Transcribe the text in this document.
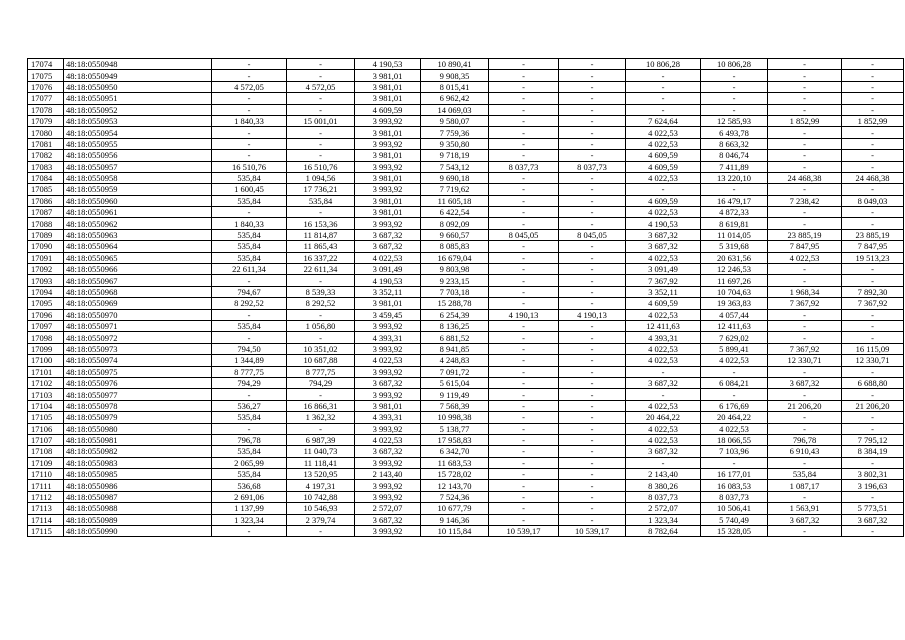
17074	48:18:0550948	-	-	4 190,53	10 890,41	-	-	10 806,28	10 806,28	-	-
17075	48:18:0550949	-	-	3 981,01	9 908,35	-	-	-	-	-	-
17076	48:18:0550950	4 572,05	4 572,05	3 981,01	8 015,41	-	-	-	-	-	-
17077	48:18:0550951	-	-	3 981,01	6 962,42	-	-	-	-	-	-
17078	48:18:0550952	-	-	4 609,59	14 069,03	-	-	-	-	-	-
17079	48:18:0550953	1 840,33	15 001,01	3 993,92	9 580,07	-	-	7 624,64	12 585,93	1 852,99	1 852,99
17080	48:18:0550954	-	-	3 981,01	7 759,36	-	-	4 022,53	6 493,78	-	-
17081	48:18:0550955	-	-	3 993,92	9 350,80	-	-	4 022,53	8 663,32	-	-
17082	48:18:0550956	-	-	3 981,01	9 718,19	-	-	4 609,59	8 046,74	-	-
17083	48:18:0550957	16 510,76	16 510,76	3 993,92	7 543,12	8 037,73	8 037,73	4 609,59	7 411,89	-	-
17084	48:18:0550958	535,84	1 094,56	3 981,01	9 690,18	-	-	4 022,53	13 220,10	24 468,38	24 468,38
17085	48:18:0550959	1 600,45	17 736,21	3 993,92	7 719,62	-	-	-	-	-	-
17086	48:18:0550960	535,84	535,84	3 981,01	11 605,18	-	-	4 609,59	16 479,17	7 238,42	8 049,03
17087	48:18:0550961	-	-	3 981,01	6 422,54	-	-	4 022,53	4 872,33	-	-
17088	48:18:0550962	1 840,33	16 153,36	3 993,92	8 092,09	-	-	4 190,53	8 619,81	-	-
17089	48:18:0550963	535,84	11 814,87	3 687,32	9 660,57	8 045,05	8 045,05	3 687,32	11 014,05	23 885,19	23 885,19
17090	48:18:0550964	535,84	11 865,43	3 687,32	8 085,83	-	-	3 687,32	5 319,68	7 847,95	7 847,95
17091	48:18:0550965	535,84	16 337,22	4 022,53	16 679,04	-	-	4 022,53	20 631,56	4 022,53	19 513,23
17092	48:18:0550966	22 611,34	22 611,34	3 091,49	9 803,98	-	-	3 091,49	12 246,53	-	-
17093	48:18:0550967	-	-	4 190,53	9 233,15	-	-	7 367,92	11 697,26	-	-
17094	48:18:0550968	794,67	8 539,33	3 352,11	7 703,18	-	-	3 352,11	10 704,63	1 968,34	7 892,30
17095	48:18:0550969	8 292,52	8 292,52	3 981,01	15 288,78	-	-	4 609,59	19 363,83	7 367,92	7 367,92
17096	48:18:0550970	-	-	3 459,45	6 254,39	4 190,13	4 190,13	4 022,53	4 057,44	-	-
17097	48:18:0550971	535,84	1 056,80	3 993,92	8 136,25	-	-	12 411,63	12 411,63	-	-
17098	48:18:0550972	-	-	4 393,31	6 881,52	-	-	4 393,31	7 629,02	-	-
17099	48:18:0550973	794,50	10 351,02	3 993,92	8 941,85	-	-	4 022,53	5 899,41	7 367,92	16 115,09
17100	48:18:0550974	1 344,89	10 687,88	4 022,53	4 248,83	-	-	4 022,53	4 022,53	12 330,71	12 330,71
17101	48:18:0550975	8 777,75	8 777,75	3 993,92	7 091,72	-	-	-	-	-	-
17102	48:18:0550976	794,29	794,29	3 687,32	5 615,04	-	-	3 687,32	6 084,21	3 687,32	6 688,80
17103	48:18:0550977	-	-	3 993,92	9 119,49	-	-	-	-	-	-
17104	48:18:0550978	536,27	16 866,31	3 981,01	7 568,39	-	-	4 022,53	6 176,69	21 206,20	21 206,20
17105	48:18:0550979	535,84	1 362,32	4 393,31	10 998,38	-	-	20 464,22	20 464,22	-	-
17106	48:18:0550980	-	-	3 993,92	5 138,77	-	-	4 022,53	4 022,53	-	-
17107	48:18:0550981	796,78	6 987,39	4 022,53	17 958,83	-	-	4 022,53	18 066,55	796,78	7 795,12
17108	48:18:0550982	535,84	11 040,73	3 687,32	6 342,70	-	-	3 687,32	7 103,96	6 910,43	8 384,19
17109	48:18:0550983	2 065,99	11 118,41	3 993,92	11 683,53	-	-	-	-	-	-
17110	48:18:0550985	535,84	13 520,95	2 143,40	15 728,02	-	-	2 143,40	16 177,01	535,84	3 802,31
17111	48:18:0550986	536,68	4 197,31	3 993,92	12 143,70	-	-	8 380,26	16 083,53	1 087,17	3 196,63
17112	48:18:0550987	2 691,06	10 742,88	3 993,92	7 524,36	-	-	8 037,73	8 037,73	-	-
17113	48:18:0550988	1 137,99	10 546,93	2 572,07	10 677,79	-	-	2 572,07	10 506,41	1 563,91	5 773,51
17114	48:18:0550989	1 323,34	2 379,74	3 687,32	9 146,36	-	-	1 323,34	5 740,49	3 687,32	3 687,32
17115	48:18:0550990	-	-	3 993,92	10 115,84	10 539,17	10 539,17	8 782,64	15 328,05	-	-
